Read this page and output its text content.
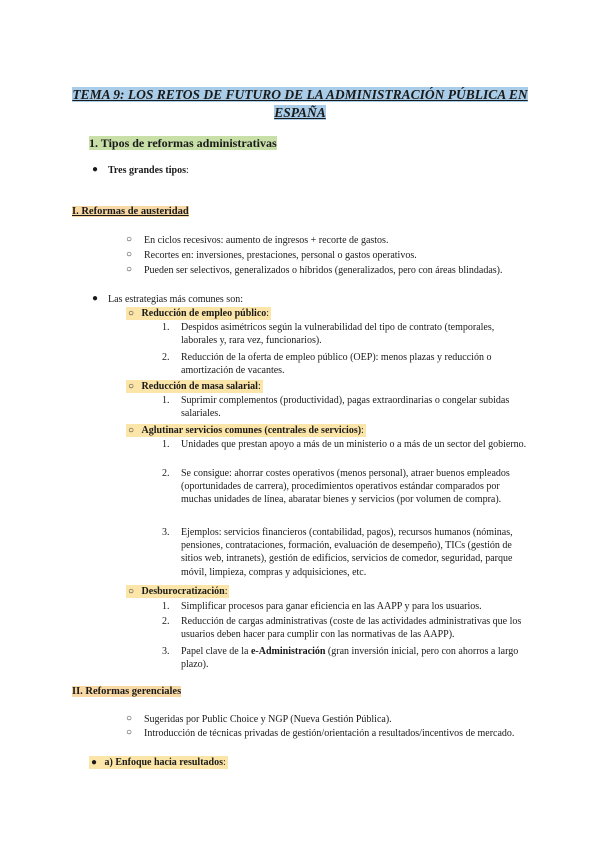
TEMA 9: LOS RETOS DE FUTURO DE LA ADMINISTRACIÓN PÚBLICA EN ESPAÑA
1. Tipos de reformas administrativas
● Tres grandes tipos:
I. Reformas de austeridad
○ En ciclos recesivos: aumento de ingresos + recorte de gastos.
○ Recortes en: inversiones, prestaciones, personal o gastos operativos.
○ Pueden ser selectivos, generalizados o híbridos (generalizados, pero con áreas blindadas).
● Las estrategias más comunes son:
○   Reducción de empleo público:
1. Despidos asimétricos según la vulnerabilidad del tipo de contrato (temporales, laborales y, rara vez, funcionarios).
2. Reducción de la oferta de empleo público (OEP): menos plazas y reducción o amortización de vacantes.
○   Reducción de masa salarial:
1. Suprimir complementos (productividad), pagas extraordinarias o congelar subidas salariales.
○   Aglutinar servicios comunes (centrales de servicios):
1. Unidades que prestan apoyo a más de un ministerio o a más de un sector del gobierno.
2. Se consigue: ahorrar costes operativos (menos personal), atraer buenos empleados (oportunidades de carrera), procedimientos operativos estándar comparados por muchas unidades de línea, abaratar bienes y servicios (por volumen de compra).
3. Ejemplos: servicios financieros (contabilidad, pagos), recursos humanos (nóminas, pensiones, contrataciones, formación, evaluación de desempeño), TICs (gestión de sitios web, intranets), gestión de edificios, servicios de comedor, seguridad, parque móvil, limpieza, compras y adquisiciones, etc.
○   Desburocratización:
1. Simplificar procesos para ganar eficiencia en las AAPP y para los usuarios.
2. Reducción de cargas administrativas (coste de las actividades administrativas que los usuarios deben hacer para cumplir con las normativas de las AAPP).
3. Papel clave de la e-Administración (gran inversión inicial, pero con ahorros a largo plazo).
II. Reformas gerenciales
○ Sugeridas por Public Choice y NGP (Nueva Gestión Pública).
○ Introducción de técnicas privadas de gestión/orientación a resultados/incentivos de mercado.
●   a) Enfoque hacia resultados:
